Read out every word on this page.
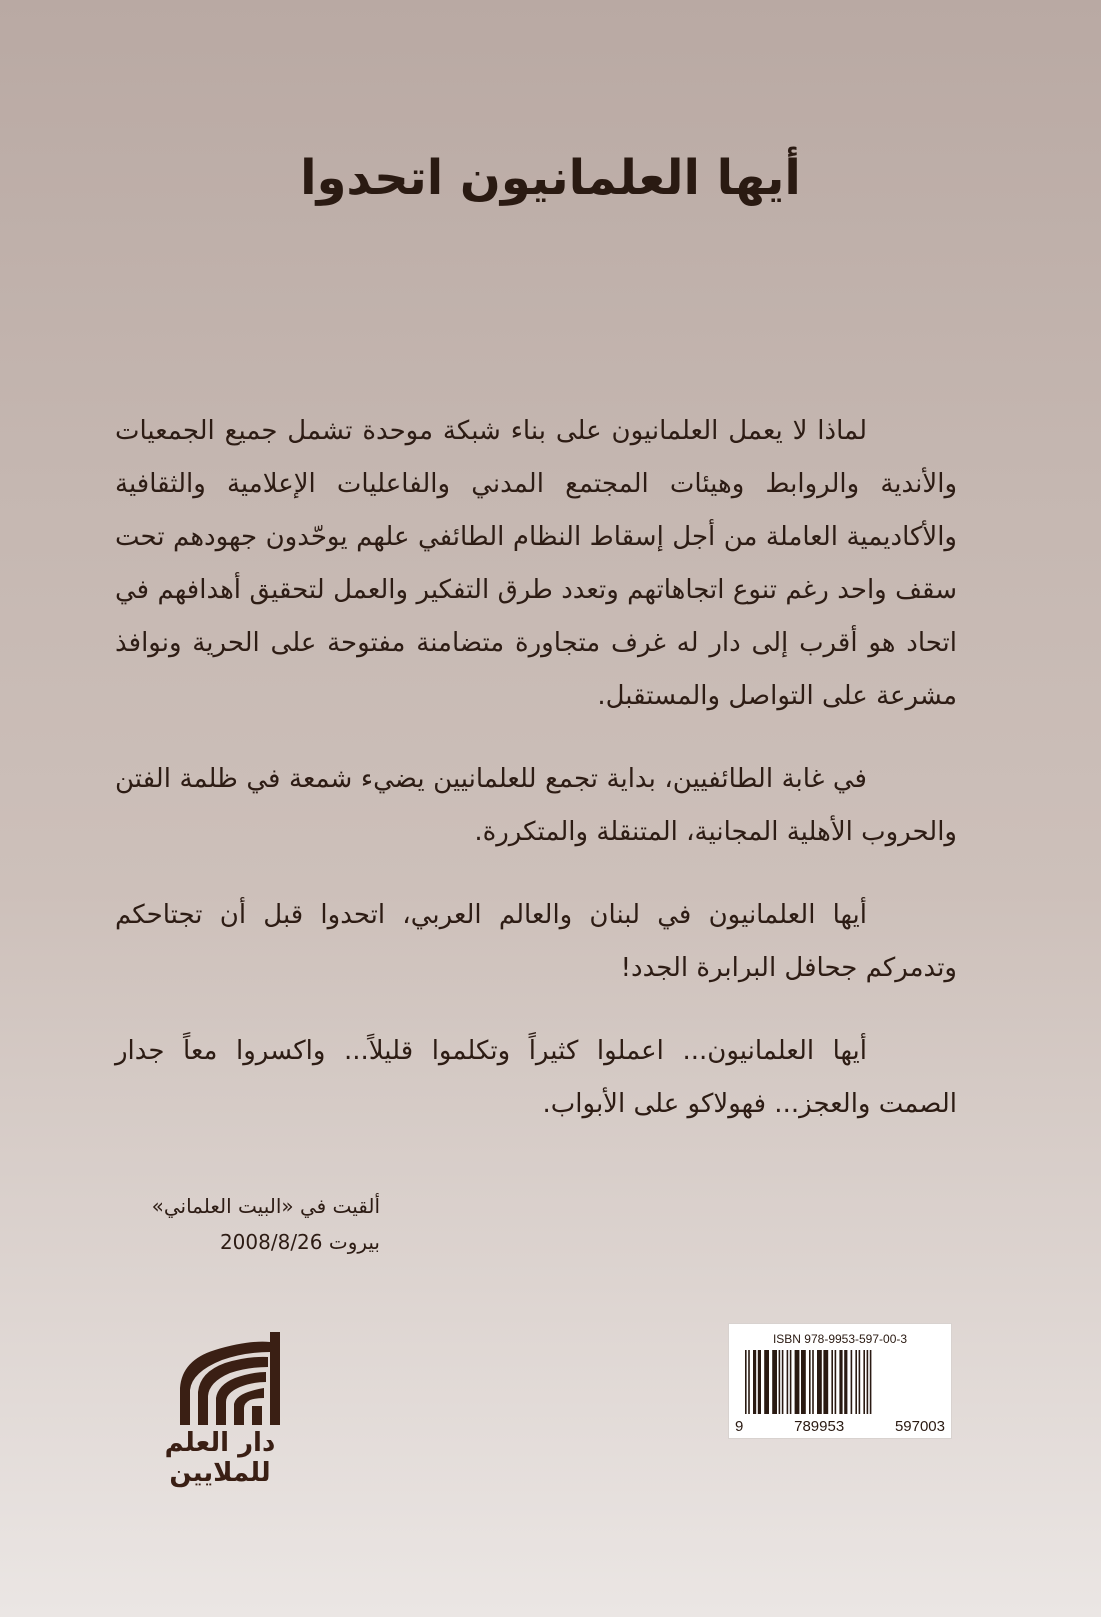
أيها العلمانيون اتحدوا

لماذا لا يعمل العلمانيون على بناء شبكة موحدة تشمل جميع الجمعيات والأندية والروابط وهيئات المجتمع المدني والفاعليات الإعلامية والثقافية والأكاديمية العاملة من أجل إسقاط النظام الطائفي علهم يوحّدون جهودهم تحت سقف واحد رغم تنوع اتجاهاتهم وتعدد طرق التفكير والعمل لتحقيق أهدافهم في اتحاد هو أقرب إلى دار له غرف متجاورة متضامنة مفتوحة على الحرية ونوافذ مشرعة على التواصل والمستقبل.

في غابة الطائفيين، بداية تجمع للعلمانيين يضيء شمعة في ظلمة الفتن والحروب الأهلية المجانية، المتنقلة والمتكررة.

أيها العلمانيون في لبنان والعالم العربي، اتحدوا قبل أن تجتاحكم وتدمركم جحافل البرابرة الجدد!

أيها العلمانيون... اعملوا كثيراً وتكلموا قليلاً... واكسروا معاً جدار الصمت والعجز... فهولاكو على الأبواب.

ألقيت في «البيت العلماني»
بيروت 2008/8/26
ISBN 978-9953-597-00-3
9	789953	597003
دار العلم للملايين
